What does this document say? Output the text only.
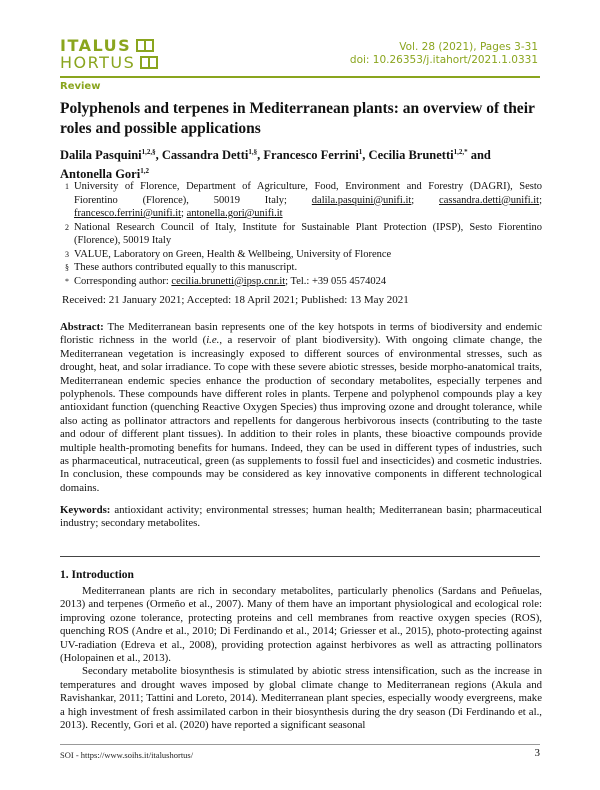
ITALUS
HORTUS
Vol. 28 (2021), Pages 3-31
doi: 10.26353/j.itahort/2021.1.0331
Review
Polyphenols and terpenes in Mediterranean plants: an overview of their roles and possible applications
Dalila Pasquini$^{1,2,\S}$, Cassandra Detti$^{1,\S}$, Francesco Ferrini$^1$, Cecilia Brunetti$^{1,2,*}$ and Antonella Gori$^{1,2}$
1 University of Florence, Department of Agriculture, Food, Environment and Forestry (DAGRI), Sesto Fiorentino (Florence), 50019 Italy; dalila.pasquini@unifi.it; cassandra.detti@unifi.it; francesco.ferrini@unifi.it; antonella.gori@unifi.it
2 National Research Council of Italy, Institute for Sustainable Plant Protection (IPSP), Sesto Fiorentino (Florence), 50019 Italy
3 VALUE, Laboratory on Green, Health & Wellbeing, University of Florence
§ These authors contributed equally to this manuscript.
* Corresponding author: cecilia.brunetti@ipsp.cnr.it; Tel.: +39 055 4574024
Received: 21 January 2021; Accepted: 18 April 2021; Published: 13 May 2021
Abstract: The Mediterranean basin represents one of the key hotspots in terms of biodiversity and endemic floristic richness in the world (i.e., a reservoir of plant biodiversity). With ongoing climate change, the Mediterranean vegetation is increasingly exposed to different sources of environmental stresses, such as drought, heat, and solar irradiance. To cope with these severe abiotic stresses, beside morpho-anatomical traits, Mediterranean endemic species enhance the production of secondary metabolites, especially terpenes and polyphenols. These compounds have different roles in plants. Terpene and polyphenol compounds play a key antioxidant function (quenching Reactive Oxygen Species) thus improving ozone and drought tolerance, while also acting as pollinator attractors and repellents for dangerous herbivorous insects (contributing to the taste and odour of different plant tissues). In addition to their roles in plants, these bioactive compounds provide multiple health-promoting benefits for humans. Indeed, they can be used in different types of industries, such as pharmaceutical, nutraceutical, green (as supplements to fossil fuel and insecticides) and cosmetic industries. In conclusion, these compounds may be considered as key innovative components in different technological domains.
Keywords: antioxidant activity; environmental stresses; human health; Mediterranean basin; pharmaceutical industry; secondary metabolites.
1. Introduction

Mediterranean plants are rich in secondary metabolites, particularly phenolics (Sardans and Peñuelas, 2013) and terpenes (Ormeño et al., 2007). Many of them have an important physiological and ecological role: improving ozone tolerance, protecting proteins and cell membranes from reactive oxygen species (ROS), quenching ROS (Andre et al., 2010; Di Ferdinando et al., 2014; Griesser et al., 2015), photo-protecting against UV-radiation (Edreva et al., 2008), providing protection against herbivores as well as attracting pollinators (Holopainen et al., 2013).

Secondary metabolite biosynthesis is stimulated by abiotic stress intensification, such as the increase in temperatures and drought waves imposed by global climate change to Mediterranean regions (Akula and Ravishankar, 2011; Tattini and Loreto, 2014). Mediterranean plant species, especially woody evergreens, make a high investment of fresh assimilated carbon in their biosynthesis during the dry season (Di Ferdinando et al., 2013). Recently, Gori et al. (2020) have reported a significant seasonal

SOI - https://www.soihs.it/italushortus/	3
